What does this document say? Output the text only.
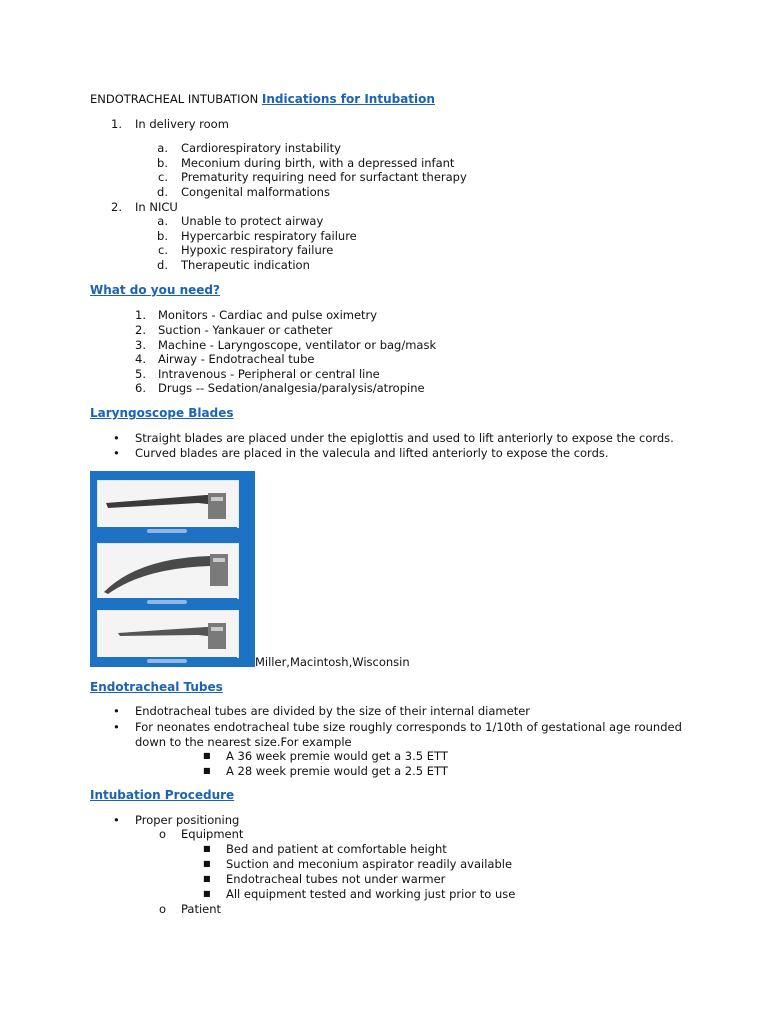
ENDOTRACHEAL INTUBATION Indications for Intubation
1. In delivery room
a. Cardiorespiratory instability
b. Meconium during birth, with a depressed infant
c. Prematurity requiring need for surfactant therapy
d. Congenital malformations
2. In NICU
a. Unable to protect airway
b. Hypercarbic respiratory failure
c. Hypoxic respiratory failure
d. Therapeutic indication
What do you need?
1. Monitors - Cardiac and pulse oximetry
2. Suction - Yankauer or catheter
3. Machine - Laryngoscope, ventilator or bag/mask
4. Airway - Endotracheal tube
5. Intravenous - Peripheral or central line
6. Drugs -- Sedation/analgesia/paralysis/atropine
Laryngoscope Blades
• Straight blades are placed under the epiglottis and used to lift anteriorly to expose the cords.
• Curved blades are placed in the valecula and lifted anteriorly to expose the cords.
Miller,Macintosh,Wisconsin
Endotracheal Tubes
• Endotracheal tubes are divided by the size of their internal diameter
• For neonates endotracheal tube size roughly corresponds to 1/10th of gestational age rounded
down to the nearest size.For example
■ A 36 week premie would get a 3.5 ETT
■ A 28 week premie would get a 2.5 ETT
Intubation Procedure
• Proper positioning
o Equipment
■ Bed and patient at comfortable height
■ Suction and meconium aspirator readily available
■ Endotracheal tubes not under warmer
■ All equipment tested and working just prior to use
o Patient
